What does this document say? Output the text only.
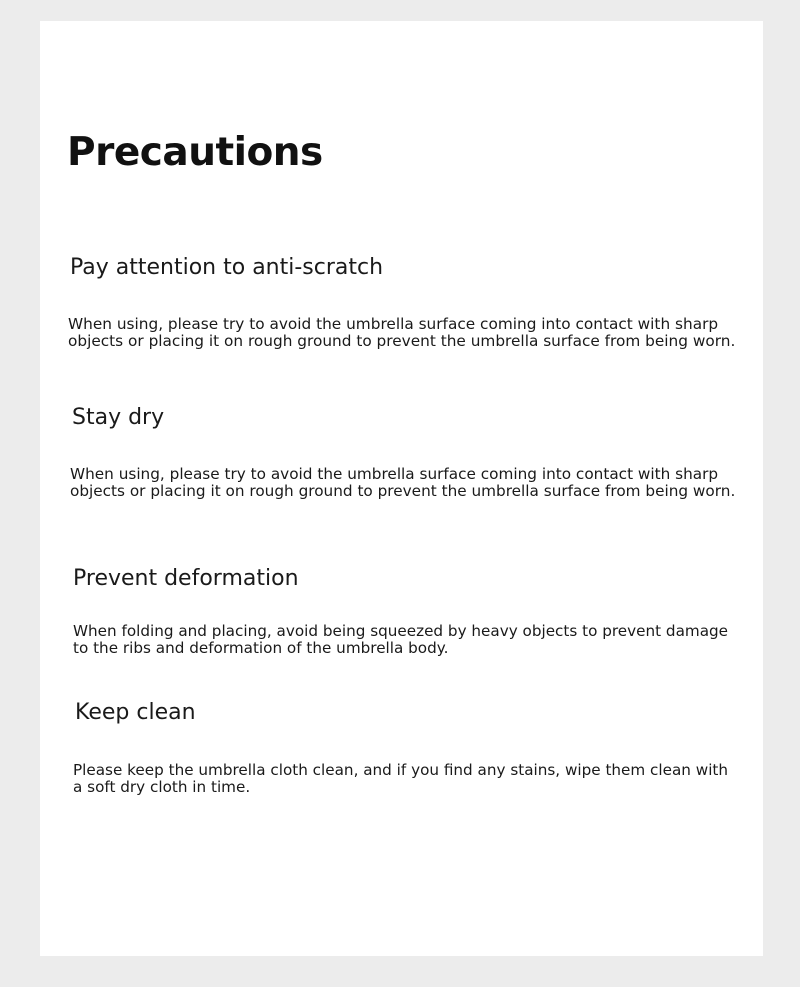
Precautions
Pay attention to anti-scratch

When using, please try to avoid the umbrella surface coming into contact with sharp
objects or placing it on rough ground to prevent the umbrella surface from being worn.

Stay dry

When using, please try to avoid the umbrella surface coming into contact with sharp
objects or placing it on rough ground to prevent the umbrella surface from being worn.

Prevent deformation

When folding and placing, avoid being squeezed by heavy objects to prevent damage
to the ribs and deformation of the umbrella body.

Keep clean

Please keep the umbrella cloth clean, and if you find any stains, wipe them clean with
a soft dry cloth in time.
